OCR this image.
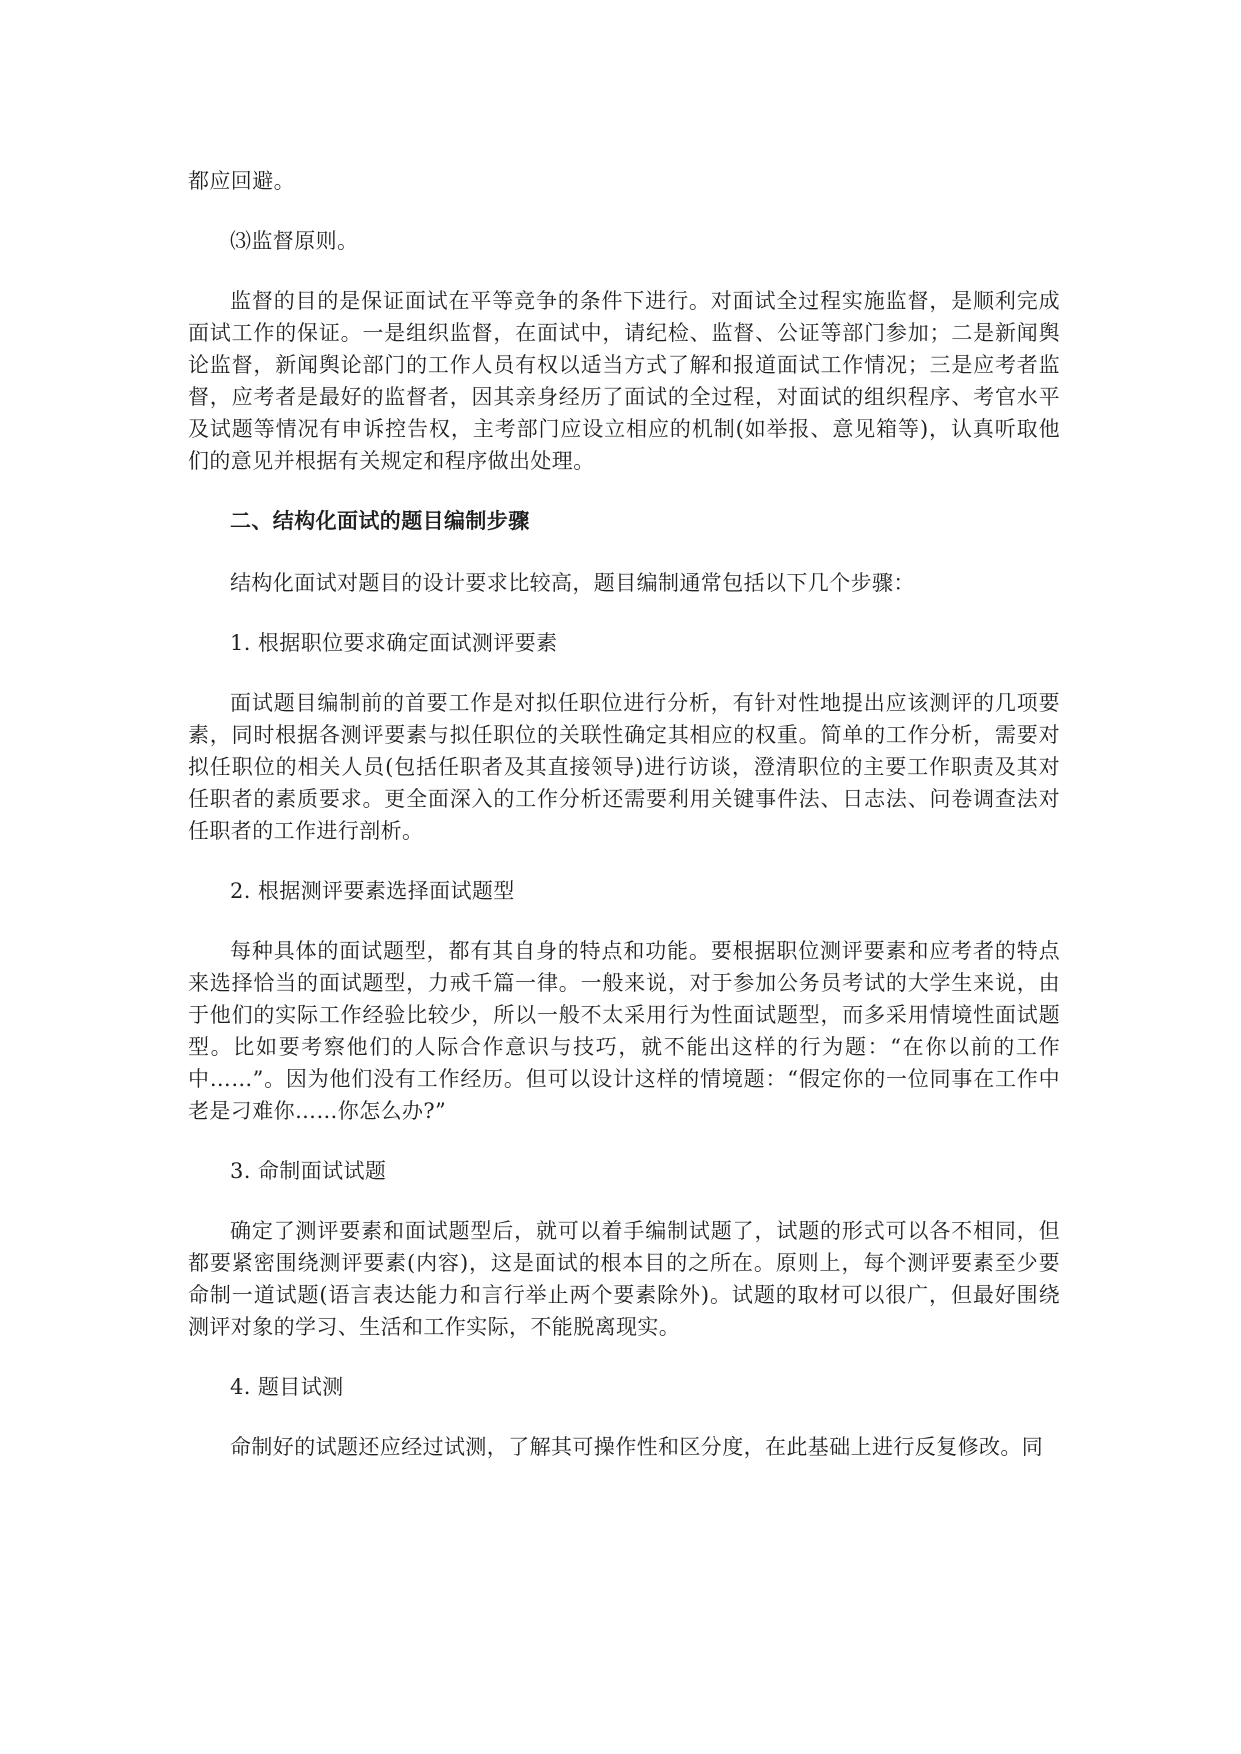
都应回避。

⑶监督原则。

监督的目的是保证面试在平等竞争的条件下进行。对面试全过程实施监督，是顺利完成面试工作的保证。一是组织监督，在面试中，请纪检、监督、公证等部门参加；二是新闻舆论监督，新闻舆论部门的工作人员有权以适当方式了解和报道面试工作情况；三是应考者监督，应考者是最好的监督者，因其亲身经历了面试的全过程，对面试的组织程序、考官水平及试题等情况有申诉控告权，主考部门应设立相应的机制(如举报、意见箱等)，认真听取他们的意见并根据有关规定和程序做出处理。

二、结构化面试的题目编制步骤

结构化面试对题目的设计要求比较高，题目编制通常包括以下几个步骤：

1. 根据职位要求确定面试测评要素

面试题目编制前的首要工作是对拟任职位进行分析，有针对性地提出应该测评的几项要素，同时根据各测评要素与拟任职位的关联性确定其相应的权重。简单的工作分析，需要对拟任职位的相关人员(包括任职者及其直接领导)进行访谈，澄清职位的主要工作职责及其对任职者的素质要求。更全面深入的工作分析还需要利用关键事件法、日志法、问卷调查法对任职者的工作进行剖析。

2. 根据测评要素选择面试题型

每种具体的面试题型，都有其自身的特点和功能。要根据职位测评要素和应考者的特点来选择恰当的面试题型，力戒千篇一律。一般来说，对于参加公务员考试的大学生来说，由于他们的实际工作经验比较少，所以一般不太采用行为性面试题型，而多采用情境性面试题型。比如要考察他们的人际合作意识与技巧，就不能出这样的行为题：“在你以前的工作中……”。因为他们没有工作经历。但可以设计这样的情境题：“假定你的一位同事在工作中老是刁难你……你怎么办?”

3. 命制面试试题

确定了测评要素和面试题型后，就可以着手编制试题了，试题的形式可以各不相同，但都要紧密围绕测评要素(内容)，这是面试的根本目的之所在。原则上，每个测评要素至少要命制一道试题(语言表达能力和言行举止两个要素除外)。试题的取材可以很广，但最好围绕测评对象的学习、生活和工作实际，不能脱离现实。

4. 题目试测

命制好的试题还应经过试测，了解其可操作性和区分度，在此基础上进行反复修改。同
